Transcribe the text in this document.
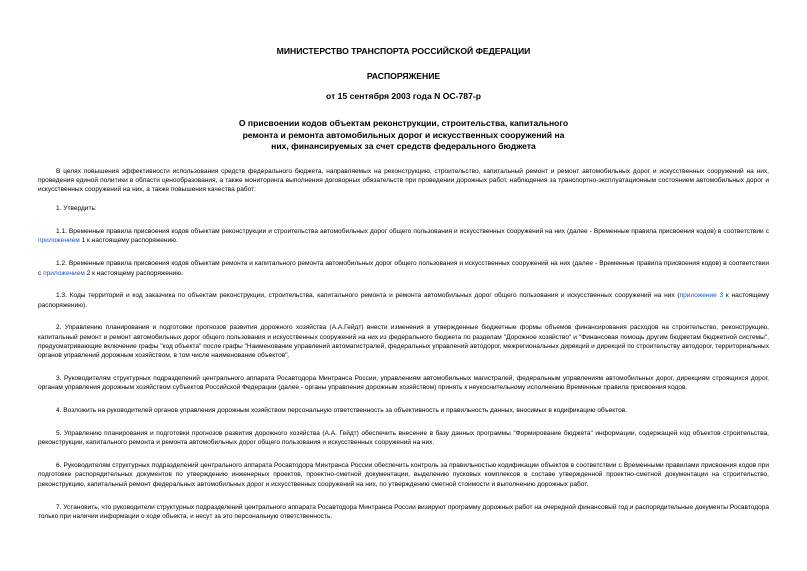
МИНИСТЕРСТВО ТРАНСПОРТА РОССИЙСКОЙ ФЕДЕРАЦИИ
РАСПОРЯЖЕНИЕ
от 15 сентября 2003 года N ОС-787-р
О присвоении кодов объектам реконструкции, строительства, капитального ремонта и ремонта автомобильных дорог и искусственных сооружений на них, финансируемых за счет средств федерального бюджета

В целях повышения эффективности использования средств федерального бюджета, направляемых на реконструкцию, строительство, капитальный ремонт и ремонт автомобильных дорог и искусственных сооружений на них, проведения единой политики в области ценообразования, а также мониторинга выполнения договорных обязательств при проведении дорожных работ, наблюдения за транспортно-эксплуатационным состоянием автомобильных дорог и искусственных сооружений на них, а также повышения качества работ:

1. Утвердить:

1.1. Временные правила присвоения кодов объектам реконструкции и строительства автомобильных дорог общего пользования и искусственных сооружений на них (далее - Временные правила присвоения кодов) в соответствии с приложением 1 к настоящему распоряжению.

1.2. Временные правила присвоения кодов объектам ремонта и капитального ремонта автомобильных дорог общего пользования и искусственных сооружений на них (далее - Временные правила присвоения кодов) в соответствии с приложением 2 к настоящему распоряжению.

1.3. Коды территорий и код заказчика по объектам реконструкции, строительства, капитального ремонта и ремонта автомобильных дорог общего пользования и искусственных сооружений на них (приложение 3 к настоящему распоряжению).

2. Управлению планирования и подготовки прогнозов развития дорожного хозяйства (А.А.Гейдт) внести изменения в утвержденные бюджетные формы объемов финансирования расходов на строительство, реконструкцию, капитальный ремонт и ремонт автомобильных дорог общего пользования и искусственных сооружений на них из федерального бюджета по разделам "Дорожное хозяйство" и "Финансовая помощь другим бюджетам бюджетной системы", предусматривающие включение графы "код объекта" после графы "Наименование управлений автомагистралей, федеральных управлений автодорог, межрегиональных дирекций и дирекций по строительству автодорог, территориальных органов управлений дорожным хозяйством, в том числе наименование объектов".

3. Руководителям структурных подразделений центрального аппарата Росавтодора Минтранса России, управлениям автомобильных магистралей, федеральным управлениям автомобильных дорог, дирекциям строящихся дорог, органам управления дорожным хозяйством субъектов Российской Федерации (далее - органы управления дорожным хозяйством) принять к неукоснительному исполнению Временные правила присвоения кодов.

4. Возложить на руководителей органов управления дорожным хозяйством персональную ответственность за объективность и правильность данных, вносимых в кодификацию объектов.

5. Управлению планирования и подготовки прогнозов развития дорожного хозяйства (А.А. Гейдт) обеспечить внесение в базу данных программы "Формирование бюджета" информации, содержащей код объектов строительства, реконструкции, капитального ремонта и ремонта автомобильных дорог общего пользования и искусственных сооружений на них.

6. Руководителям структурных подразделений центрального аппарата Росавтодора Минтранса России обеспечить контроль за правильностью кодификации объектов в соответствии с Временными правилами присвоения кодов при подготовке распорядительных документов по утверждению инженерных проектов, проектно-сметной документации, выделению пусковых комплексов в составе утвержденной проектно-сметной документации на строительство, реконструкцию, капитальный ремонт федеральных автомобильных дорог и искусственных сооружений на них, по утверждению сметной стоимости и выполнению дорожных работ.

7. Установить, что руководители структурных подразделений центрального аппарата Росавтодора Минтранса России визируют программу дорожных работ на очередной финансовый год и распорядительные документы Росавтодора только при наличии информации о коде объекта, и несут за это персональную ответственность.
